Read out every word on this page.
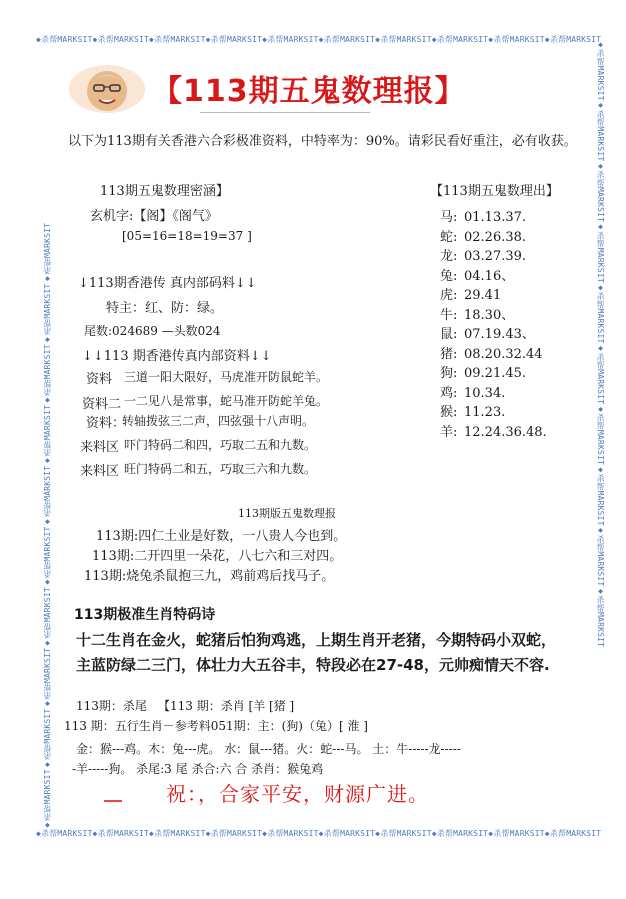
◆杀帮MARKSIT◆杀帮MARKSIT◆杀帮MARKSIT◆杀帮MARKSIT◆杀帮MARKSIT◆杀帮MARKSIT◆杀帮MARKSIT◆杀帮MARKSIT◆杀帮MARKSIT◆杀帮MARKSIT
◆杀帮MARKSIT◆杀帮MARKSIT◆杀帮MARKSIT◆杀帮MARKSIT◆杀帮MARKSIT◆杀帮MARKSIT◆杀帮MARKSIT◆杀帮MARKSIT◆杀帮MARKSIT◆杀帮MARKSIT
◆杀帮MARKSIT◆杀帮MARKSIT◆杀帮MARKSIT◆杀帮MARKSIT◆杀帮MARKSIT◆杀帮MARKSIT◆杀帮MARKSIT◆杀帮MARKSIT◆杀帮MARKSIT◆杀帮MARKSIT	◆杀帮MARKSIT◆杀帮MARKSIT◆杀帮MARKSIT◆杀帮MARKSIT◆杀帮MARKSIT◆杀帮MARKSIT◆杀帮MARKSIT◆杀帮MARKSIT◆杀帮MARKSIT◆杀帮MARKSIT
【113期五鬼数理报】
以下为113期有关香港六合彩极准资料，中特率为：90%。请彩民看好重注，必有收获。
113期五鬼数理密涵】
玄机字:【阁】《阁气》
[05=16=18=19=37 ]
↓113期香港传 真内部码料↓↓
特主：红、防：绿。
尾数:024689 —头数024
↓↓113 期香港传真内部资料↓↓
资料 三道一阳大限好，马虎准开防鼠蛇羊。
资料二 一二见八是常事，蛇马准开防蛇羊兔。
资料：
转轴拨弦三二声，四弦强十八声明。
来料区 吓门特码二和四，巧取二五和九数。
来料区 旺门特码二和五，巧取三六和九数。
【113期五鬼数理出】
马: 01.13.37.
蛇: 02.26.38.
龙: 03.27.39.
兔: 04.16、
虎: 29.41
牛: 18.30、
鼠: 07.19.43、
猪: 08.20.32.44
狗: 09.21.45.
鸡: 10.34.
猴: 11.23.
羊: 12.24.36.48.
113期版五鬼数理报
113期:四仁土业是好数，一八贵人今也到。
113期:二开四里一朵花，八七六和三对四。
113期:烧兔杀鼠抱三九，鸡前鸡后找马子。
113期极准生肖特码诗
十二生肖在金火，蛇猪后怕狗鸡逃，上期生肖开老猪，今期特码小双蛇，
主蓝防绿二三门，体壮力大五谷丰，特段必在27-48，元帅痴情天不容.
113期：杀尾 【113 期：杀肖 [羊 [猪 ]
113 期：五行生肖－参考料051期：主：(狗)（兔）[ 淮 ]
金：猴---鸡。木：兔---虎。 水：鼠---猪。火：蛇---马。 土：牛-----龙-----
-羊-----狗。 杀尾:3 尾 杀合:六 合 杀肖：猴兔鸡
祝：，合家平安，财源广进。
